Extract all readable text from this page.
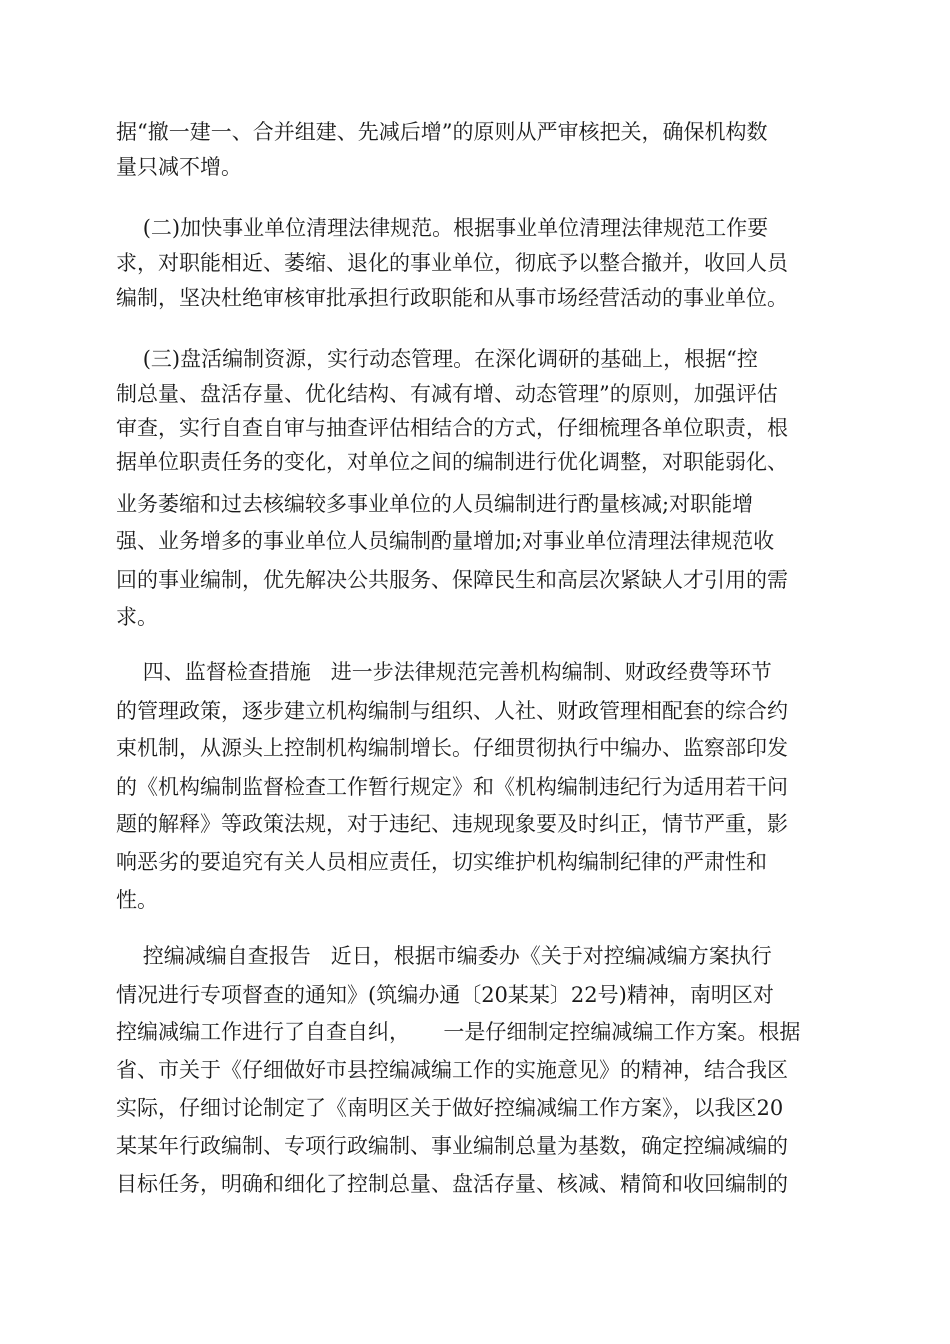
据“撤一建一、合并组建、先减后增”的原则从严审核把关，确保机构数

量只减不增。

(二)加快事业单位清理法律规范。根据事业单位清理法律规范工作要

求，对职能相近、萎缩、退化的事业单位，彻底予以整合撤并，收回人员

编制，坚决杜绝审核审批承担行政职能和从事市场经营活动的事业单位。

(三)盘活编制资源，实行动态管理。在深化调研的基础上，根据“控

制总量、盘活存量、优化结构、有减有增、动态管理”的原则，加强评估

审查，实行自查自审与抽查评估相结合的方式，仔细梳理各单位职责，根

据单位职责任务的变化，对单位之间的编制进行优化调整，对职能弱化、

业务萎缩和过去核编较多事业单位的人员编制进行酌量核减;对职能增

强、业务增多的事业单位人员编制酌量增加;对事业单位清理法律规范收

回的事业编制，优先解决公共服务、保障民生和高层次紧缺人才引用的需

求。

四、监督检查措施   进一步法律规范完善机构编制、财政经费等环节

的管理政策，逐步建立机构编制与组织、人社、财政管理相配套的综合约

束机制，从源头上控制机构编制增长。仔细贯彻执行中编办、监察部印发

的《机构编制监督检查工作暂行规定》和《机构编制违纪行为适用若干问

题的解释》等政策法规，对于违纪、违规现象要及时纠正，情节严重，影

响恶劣的要追究有关人员相应责任，切实维护机构编制纪律的严肃性和

性。

控编减编自查报告   近日，根据市编委办《关于对控编减编方案执行

情况进行专项督查的通知》(筑编办通〔20某某〕22号)精神，南明区对

控编减编工作进行了自查自纠，     一是仔细制定控编减编工作方案。根据

省、市关于《仔细做好市县控编减编工作的实施意见》的精神，结合我区

实际，仔细讨论制定了《南明区关于做好控编减编工作方案》，以我区20

某某年行政编制、专项行政编制、事业编制总量为基数，确定控编减编的

目标任务，明确和细化了控制总量、盘活存量、核减、精简和收回编制的
